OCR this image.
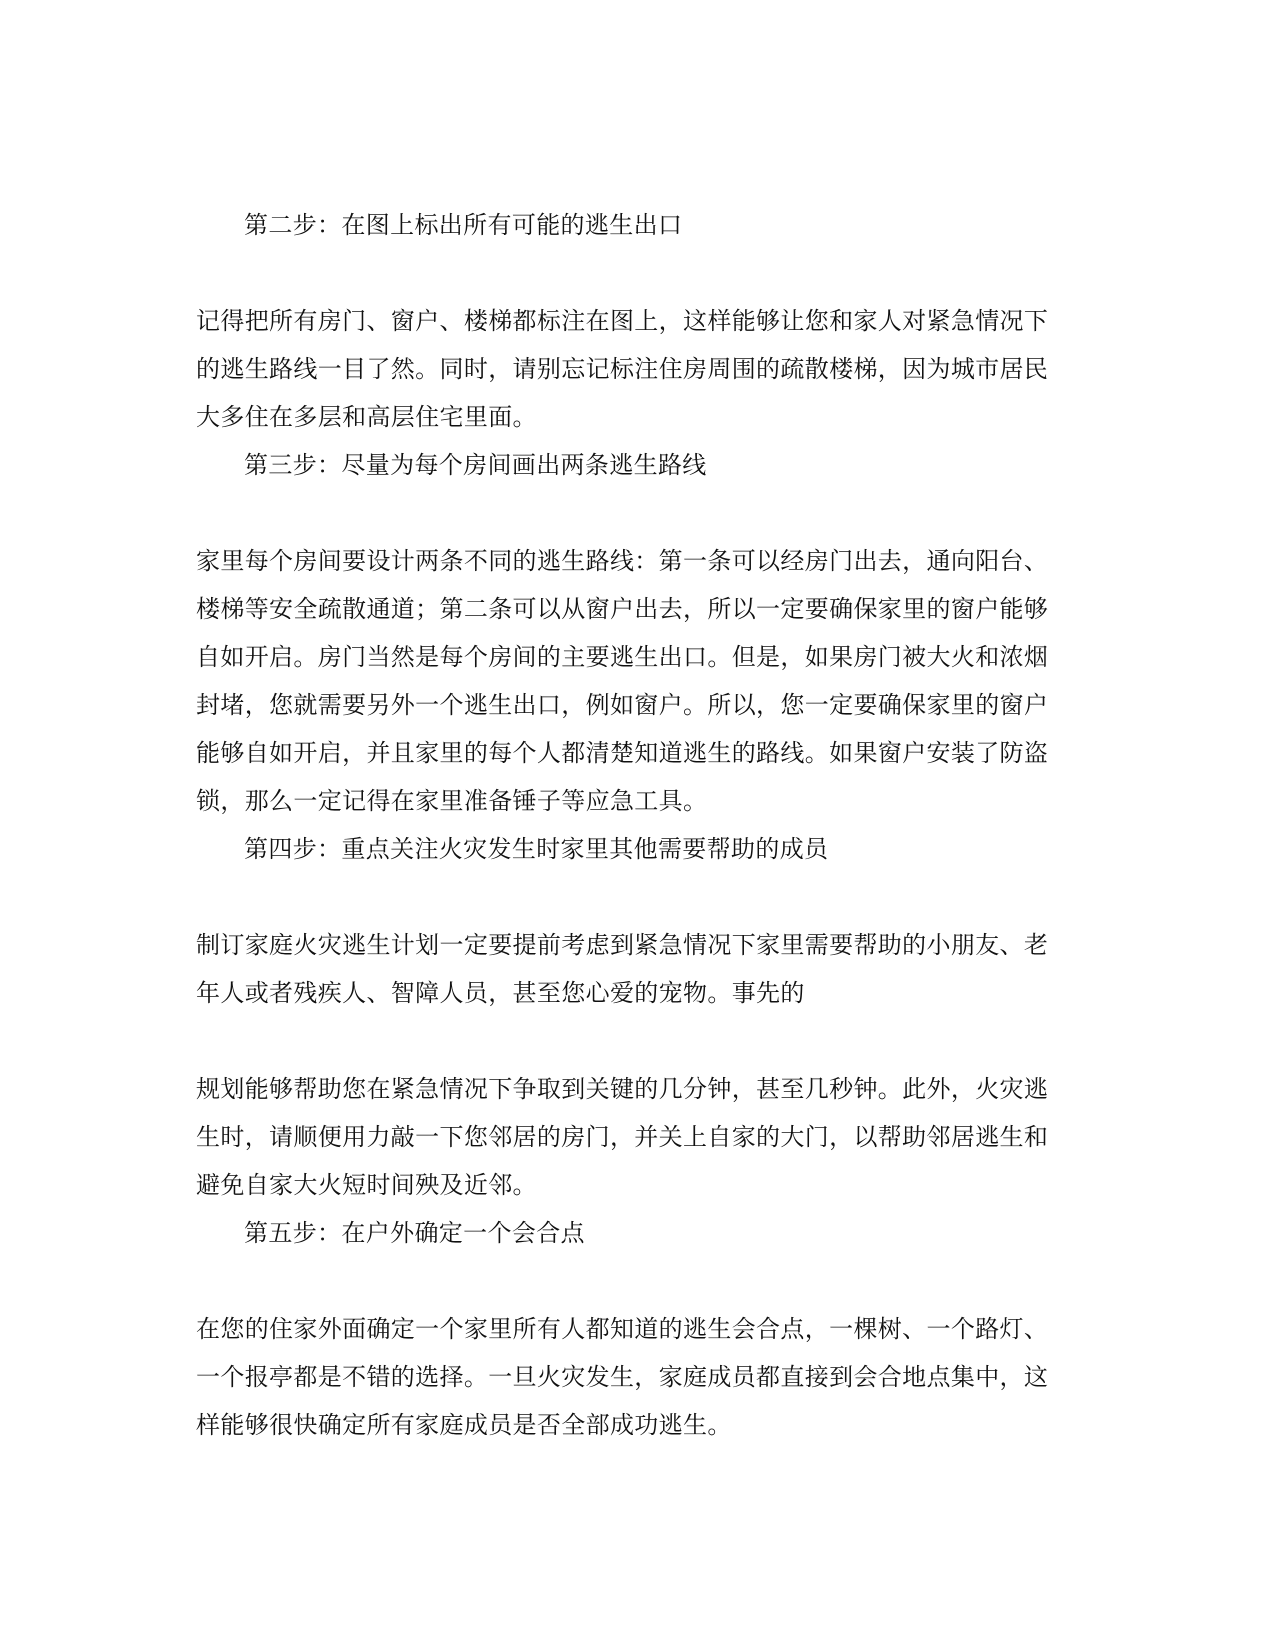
第二步：在图上标出所有可能的逃生出口
记得把所有房门、窗户、楼梯都标注在图上，这样能够让您和家人对紧急情况下
的逃生路线一目了然。同时，请别忘记标注住房周围的疏散楼梯，因为城市居民
大多住在多层和高层住宅里面。
第三步：尽量为每个房间画出两条逃生路线
家里每个房间要设计两条不同的逃生路线：第一条可以经房门出去，通向阳台、
楼梯等安全疏散通道；第二条可以从窗户出去，所以一定要确保家里的窗户能够
自如开启。房门当然是每个房间的主要逃生出口。但是，如果房门被大火和浓烟
封堵，您就需要另外一个逃生出口，例如窗户。所以，您一定要确保家里的窗户
能够自如开启，并且家里的每个人都清楚知道逃生的路线。如果窗户安装了防盗
锁，那么一定记得在家里准备锤子等应急工具。
第四步：重点关注火灾发生时家里其他需要帮助的成员
制订家庭火灾逃生计划一定要提前考虑到紧急情况下家里需要帮助的小朋友、老
年人或者残疾人、智障人员，甚至您心爱的宠物。事先的
规划能够帮助您在紧急情况下争取到关键的几分钟，甚至几秒钟。此外，火灾逃
生时，请顺便用力敲一下您邻居的房门，并关上自家的大门，以帮助邻居逃生和
避免自家大火短时间殃及近邻。
第五步：在户外确定一个会合点
在您的住家外面确定一个家里所有人都知道的逃生会合点，一棵树、一个路灯、
一个报亭都是不错的选择。一旦火灾发生，家庭成员都直接到会合地点集中，这
样能够很快确定所有家庭成员是否全部成功逃生。
